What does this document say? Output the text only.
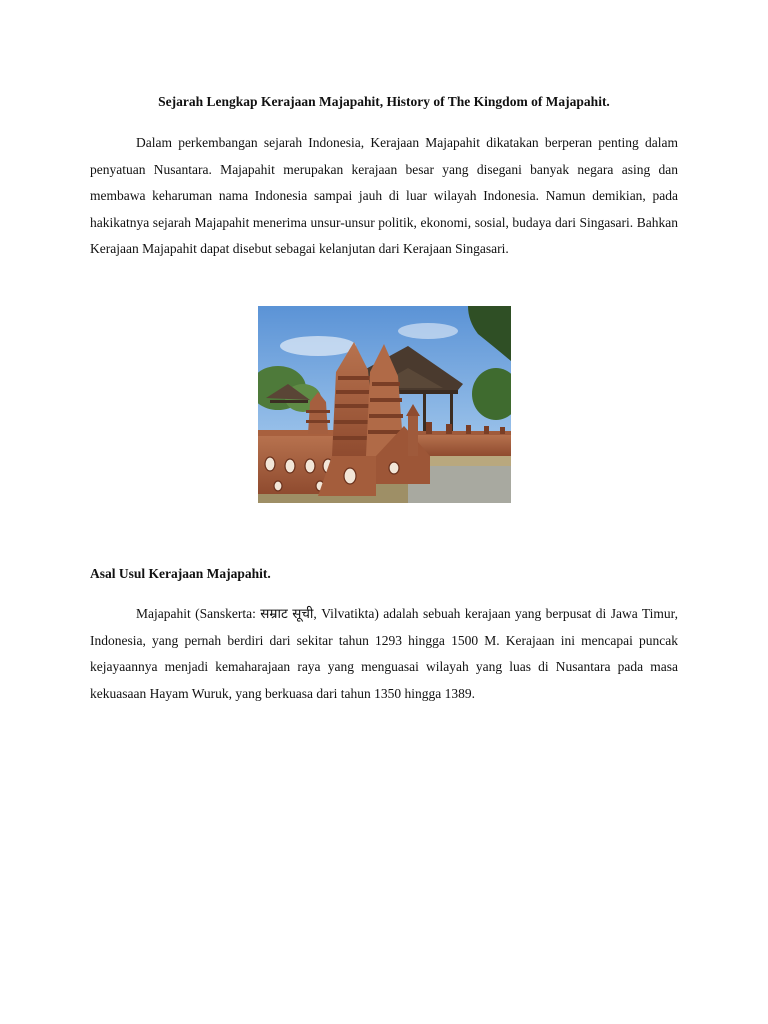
Sejarah Lengkap Kerajaan Majapahit, History of The Kingdom of Majapahit.

Dalam perkembangan sejarah Indonesia, Kerajaan Majapahit dikatakan berperan penting dalam penyatuan Nusantara. Majapahit merupakan kerajaan besar yang disegani banyak negara asing dan membawa keharuman nama Indonesia sampai jauh di luar wilayah Indonesia. Namun demikian, pada hakikatnya sejarah Majapahit menerima unsur-unsur politik, ekonomi, sosial, budaya dari Singasari. Bahkan Kerajaan Majapahit dapat disebut sebagai kelanjutan dari Kerajaan Singasari.

Asal Usul Kerajaan Majapahit.

Majapahit (Sanskerta: सम्राट सूची, Vilvatikta) adalah sebuah kerajaan yang berpusat di Jawa Timur, Indonesia, yang pernah berdiri dari sekitar tahun 1293 hingga 1500 M. Kerajaan ini mencapai puncak kejayaannya menjadi kemaharajaan raya yang menguasai wilayah yang luas di Nusantara pada masa kekuasaan Hayam Wuruk, yang berkuasa dari tahun 1350 hingga 1389.
